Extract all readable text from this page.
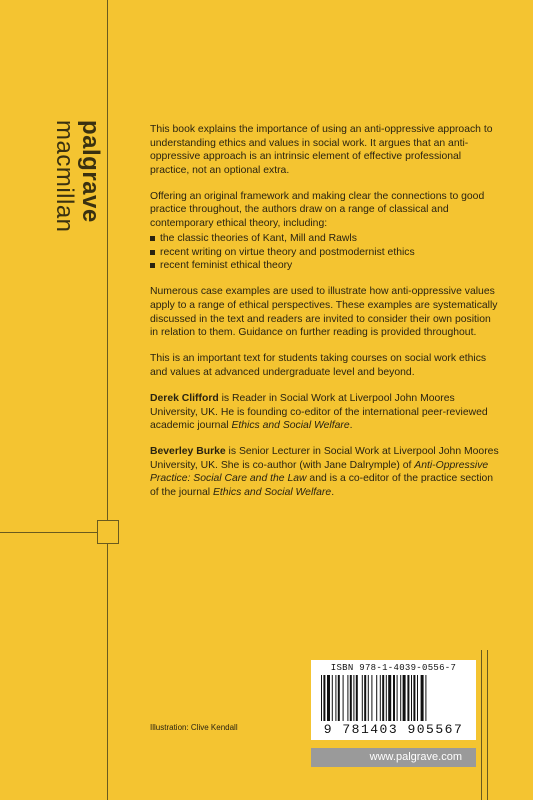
palgrave
macmillan	This book explains the importance of using an anti-oppressive approach to understanding ethics and values in social work. It argues that an anti-oppressive approach is an intrinsic element of effective professional practice, not an optional extra.

Offering an original framework and making clear the connections to good practice throughout, the authors draw on a range of classical and contemporary ethical theory, including:

the classic theories of Kant, Mill and Rawls
recent writing on virtue theory and postmodernist ethics
recent feminist ethical theory

Numerous case examples are used to illustrate how anti-oppressive values apply to a range of ethical perspectives. These examples are systematically discussed in the text and readers are invited to consider their own position in relation to them. Guidance on further reading is provided throughout.

This is an important text for students taking courses on social work ethics and values at advanced undergraduate level and beyond.

Derek Clifford is Reader in Social Work at Liverpool John Moores University, UK. He is founding co-editor of the international peer-reviewed academic journal Ethics and Social Welfare.

Beverley Burke is Senior Lecturer in Social Work at Liverpool John Moores University, UK. She is co-author (with Jane Dalrymple) of Anti-Oppressive Practice: Social Care and the Law and is a co-editor of the practice section of the journal Ethics and Social Welfare.

ISBN 978-1-4039-0556-7
9 781403 905567
Illustration: Clive Kendall
www.palgrave.com
